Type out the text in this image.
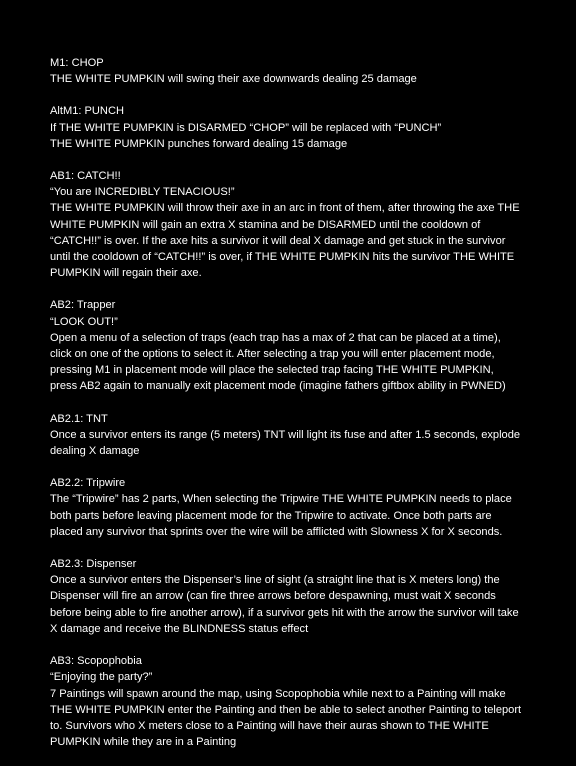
M1: CHOP
THE WHITE PUMPKIN will swing their axe downwards dealing 25 damage
AltM1: PUNCH
If THE WHITE PUMPKIN is DISARMED “CHOP” will be replaced with “PUNCH”
THE WHITE PUMPKIN punches forward dealing 15 damage
AB1: CATCH!!
“You are INCREDIBLY TENACIOUS!”
THE WHITE PUMPKIN will throw their axe in an arc in front of them, after throwing the axe THE
WHITE PUMPKIN will gain an extra X stamina and be DISARMED until the cooldown of
“CATCH!!” is over. If the axe hits a survivor it will deal X damage and get stuck in the survivor
until the cooldown of “CATCH!!” is over, if THE WHITE PUMPKIN hits the survivor THE WHITE
PUMPKIN will regain their axe.
AB2: Trapper
“LOOK OUT!”
Open a menu of a selection of traps (each trap has a max of 2 that can be placed at a time),
click on one of the options to select it. After selecting a trap you will enter placement mode,
pressing M1 in placement mode will place the selected trap facing THE WHITE PUMPKIN,
press AB2 again to manually exit placement mode (imagine fathers giftbox ability in PWNED)
AB2.1: TNT
Once a survivor enters its range (5 meters) TNT will light its fuse and after 1.5 seconds, explode
dealing X damage
AB2.2: Tripwire
The “Tripwire” has 2 parts, When selecting the Tripwire THE WHITE PUMPKIN needs to place
both parts before leaving placement mode for the Tripwire to activate. Once both parts are
placed any survivor that sprints over the wire will be afflicted with Slowness X for X seconds.
AB2.3: Dispenser
Once a survivor enters the Dispenser’s line of sight (a straight line that is X meters long) the
Dispenser will fire an arrow (can fire three arrows before despawning, must wait X seconds
before being able to fire another arrow), if a survivor gets hit with the arrow the survivor will take
X damage and receive the BLINDNESS status effect
AB3: Scopophobia
“Enjoying the party?”
7 Paintings will spawn around the map, using Scopophobia while next to a Painting will make
THE WHITE PUMPKIN enter the Painting and then be able to select another Painting to teleport
to. Survivors who X meters close to a Painting will have their auras shown to THE WHITE
PUMPKIN while they are in a Painting
